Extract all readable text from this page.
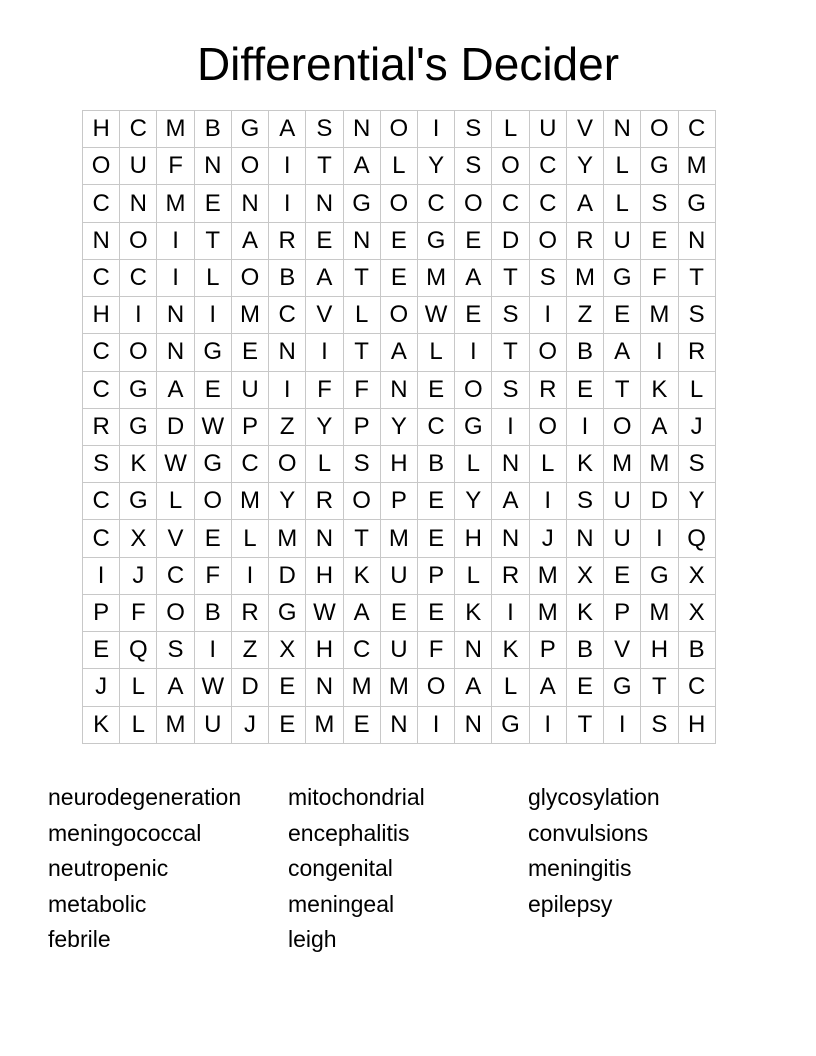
Differential's Decider
H	C	M	B	G	A	S	N	O	I	S	L	U	V	N	O	C
O	U	F	N	O	I	T	A	L	Y	S	O	C	Y	L	G	M
C	N	M	E	N	I	N	G	O	C	O	C	C	A	L	S	G
N	O	I	T	A	R	E	N	E	G	E	D	O	R	U	E	N
C	C	I	L	O	B	A	T	E	M	A	T	S	M	G	F	T
H	I	N	I	M	C	V	L	O	W	E	S	I	Z	E	M	S
C	O	N	G	E	N	I	T	A	L	I	T	O	B	A	I	R
C	G	A	E	U	I	F	F	N	E	O	S	R	E	T	K	L
R	G	D	W	P	Z	Y	P	Y	C	G	I	O	I	O	A	J
S	K	W	G	C	O	L	S	H	B	L	N	L	K	M	M	S
C	G	L	O	M	Y	R	O	P	E	Y	A	I	S	U	D	Y
C	X	V	E	L	M	N	T	M	E	H	N	J	N	U	I	Q
I	J	C	F	I	D	H	K	U	P	L	R	M	X	E	G	X
P	F	O	B	R	G	W	A	E	E	K	I	M	K	P	M	X
E	Q	S	I	Z	X	H	C	U	F	N	K	P	B	V	H	B
J	L	A	W	D	E	N	M	M	O	A	L	A	E	G	T	C
K	L	M	U	J	E	M	E	N	I	N	G	I	T	I	S	H
neurodegeneration
meningococcal
neutropenic
metabolic
febrile
mitochondrial
encephalitis
congenital
meningeal
leigh
glycosylation
convulsions
meningitis
epilepsy
